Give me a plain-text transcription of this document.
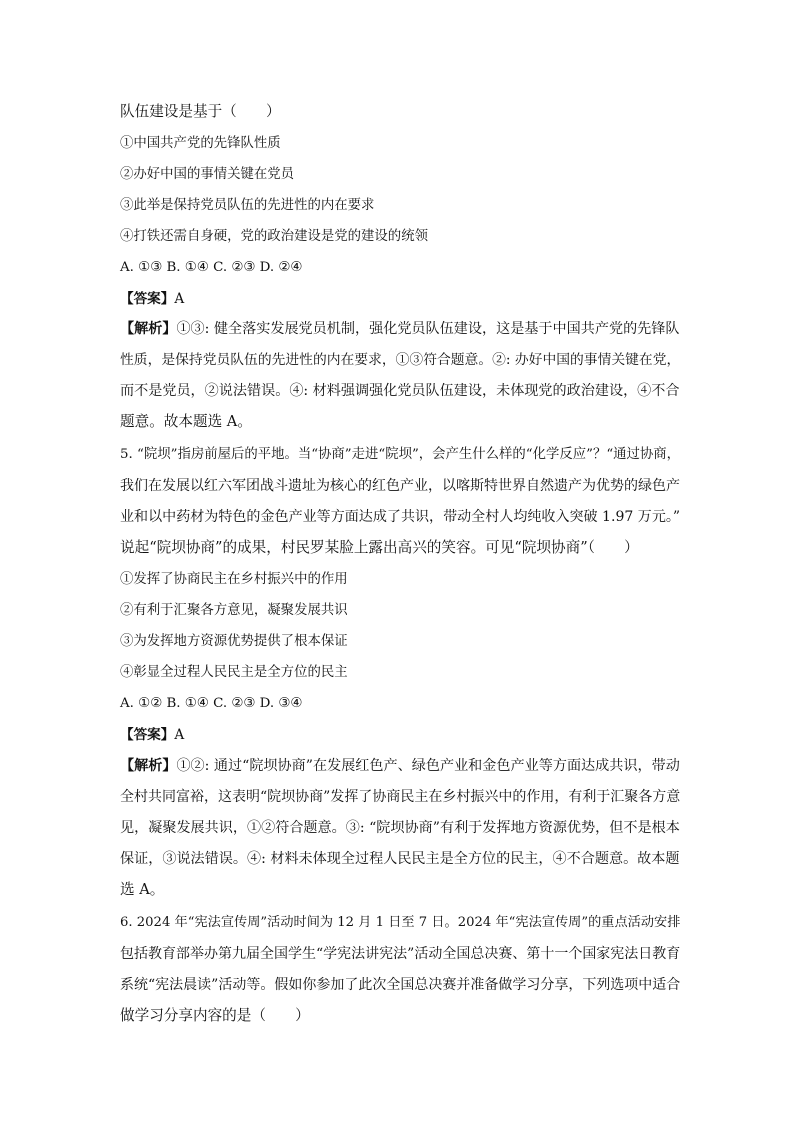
队伍建设是基于（　　）
①中国共产党的先锋队性质
②办好中国的事情关键在党员
③此举是保持党员队伍的先进性的内在要求
④打铁还需自身硬，党的政治建设是党的建设的统领
A. ①③ B. ①④ C. ②③ D. ②④
【答案】A
【解析】①③: 健全落实发展党员机制，强化党员队伍建设，这是基于中国共产党的先锋队
性质，是保持党员队伍的先进性的内在要求，①③符合题意。②: 办好中国的事情关键在党，
而不是党员，②说法错误。④: 材料强调强化党员队伍建设，未体现党的政治建设，④不合
题意。故本题选 A。
5. “院坝”指房前屋后的平地。当“协商”走进“院坝”，会产生什么样的“化学反应”？“通过协商，
我们在发展以红六军团战斗遗址为核心的红色产业，以喀斯特世界自然遗产为优势的绿色产
业和以中药材为特色的金色产业等方面达成了共识，带动全村人均纯收入突破 1.97 万元。”
说起“院坝协商”的成果，村民罗某脸上露出高兴的笑容。可见“院坝协商”（　　）
①发挥了协商民主在乡村振兴中的作用
②有利于汇聚各方意见，凝聚发展共识
③为发挥地方资源优势提供了根本保证
④彰显全过程人民民主是全方位的民主
A. ①② B. ①④ C. ②③ D. ③④
【答案】A
【解析】①②: 通过“院坝协商”在发展红色产、绿色产业和金色产业等方面达成共识，带动
全村共同富裕，这表明“院坝协商”发挥了协商民主在乡村振兴中的作用，有利于汇聚各方意
见，凝聚发展共识，①②符合题意。③: “院坝协商”有利于发挥地方资源优势，但不是根本
保证，③说法错误。④: 材料未体现全过程人民民主是全方位的民主，④不合题意。故本题
选 A。
6. 2024 年“宪法宣传周”活动时间为 12 月 1 日至 7 日。2024 年“宪法宣传周”的重点活动安排
包括教育部举办第九届全国学生“学宪法讲宪法”活动全国总决赛、第十一个国家宪法日教育
系统“宪法晨读”活动等。假如你参加了此次全国总决赛并准备做学习分享，下列选项中适合
做学习分享内容的是（　　）
